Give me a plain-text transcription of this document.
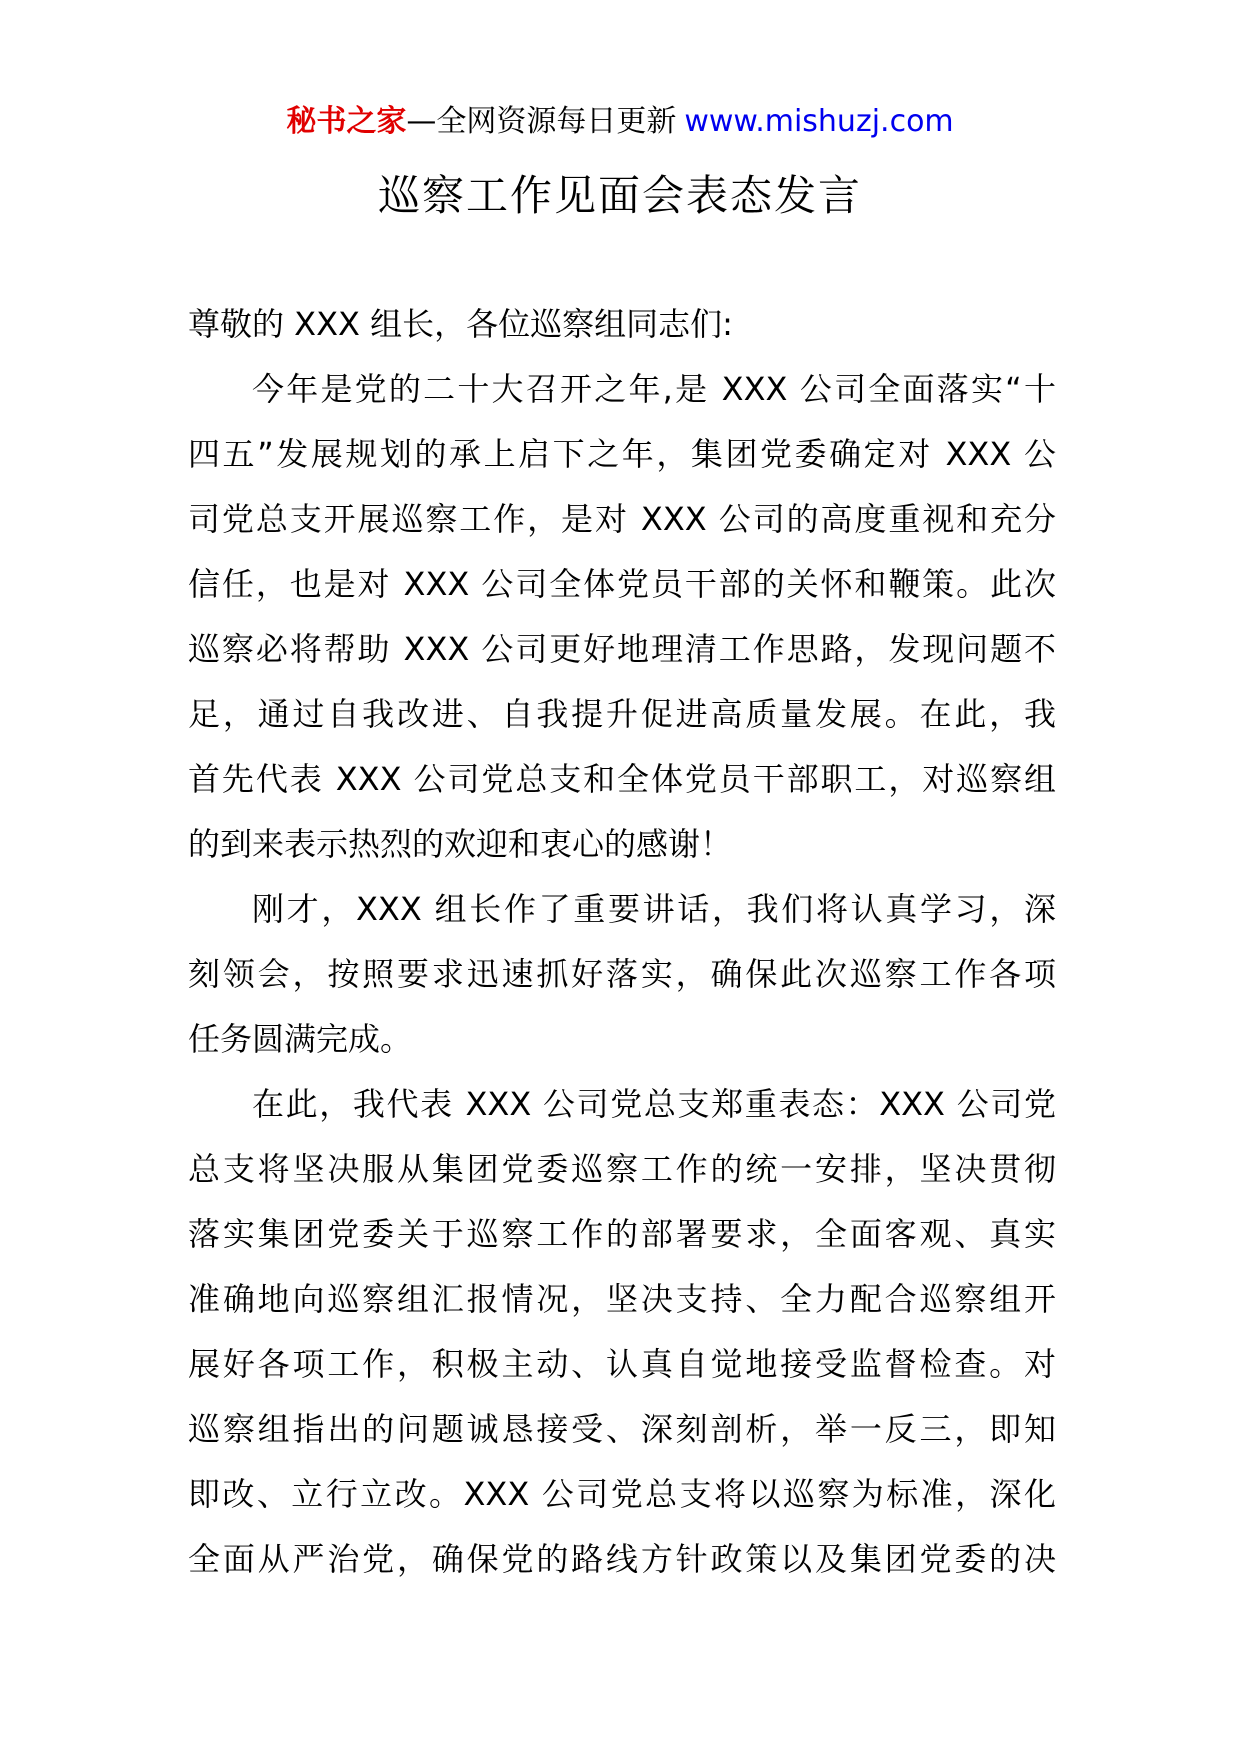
秘书之家—全网资源每日更新 www.mishuzj.com
巡察工作见面会表态发言

尊敬的 XXX 组长，各位巡察组同志们:

今年是党的二十大召开之年,是 XXX 公司全面落实“十
四五”发展规划的承上启下之年，集团党委确定对 XXX 公
司党总支开展巡察工作，是对 XXX 公司的高度重视和充分
信任，也是对 XXX 公司全体党员干部的关怀和鞭策。此次
巡察必将帮助 XXX 公司更好地理清工作思路，发现问题不
足，通过自我改进、自我提升促进高质量发展。在此，我
首先代表 XXX 公司党总支和全体党员干部职工，对巡察组
的到来表示热烈的欢迎和衷心的感谢！

刚才，XXX 组长作了重要讲话，我们将认真学习，深
刻领会，按照要求迅速抓好落实，确保此次巡察工作各项
任务圆满完成。

在此，我代表 XXX 公司党总支郑重表态：XXX 公司党
总支将坚决服从集团党委巡察工作的统一安排，坚决贯彻
落实集团党委关于巡察工作的部署要求，全面客观、真实
准确地向巡察组汇报情况，坚决支持、全力配合巡察组开
展好各项工作，积极主动、认真自觉地接受监督检查。对
巡察组指出的问题诚恳接受、深刻剖析，举一反三，即知
即改、立行立改。XXX 公司党总支将以巡察为标准，深化
全面从严治党，确保党的路线方针政策以及集团党委的决
